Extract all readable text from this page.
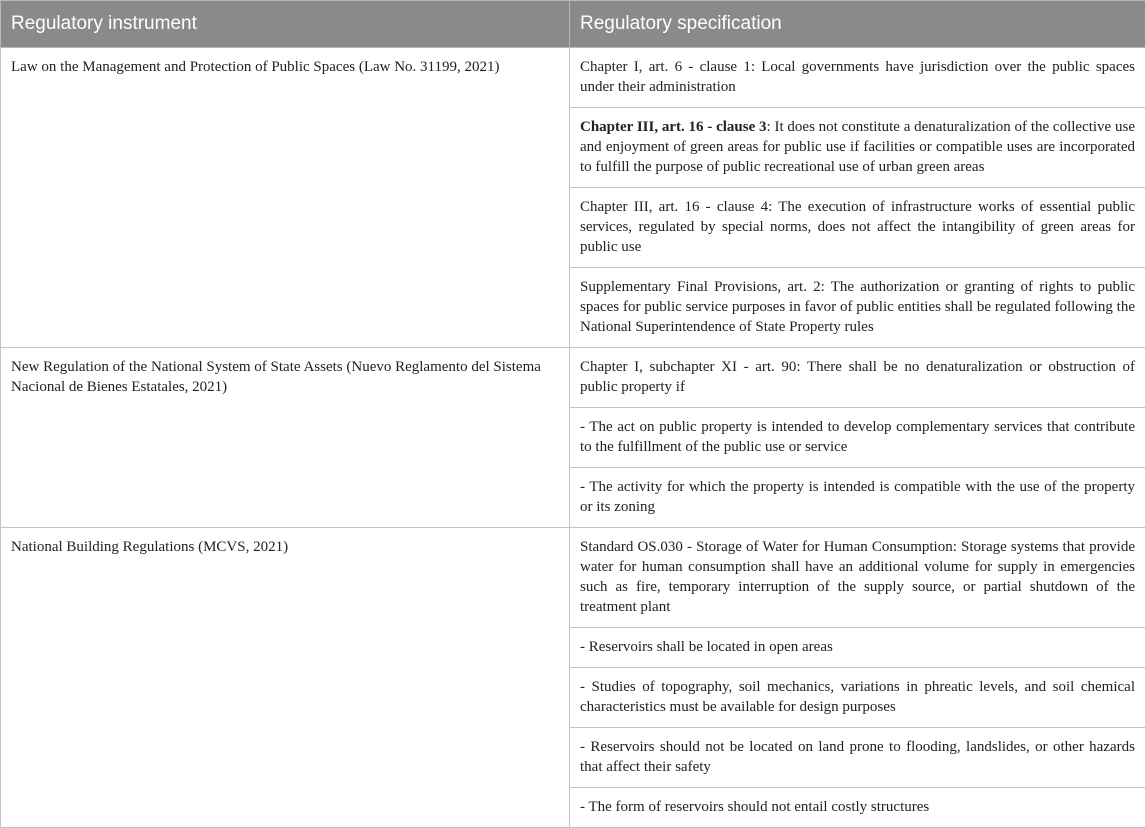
Regulatory instrument	Regulatory specification
Law on the Management and Protection of Public Spaces (Law No. 31199, 2021)	Chapter I, art. 6 - clause 1: Local governments have jurisdiction over the public spaces under their administration
	Chapter III, art. 16 - clause 3: It does not constitute a denaturalization of the collective use and enjoyment of green areas for public use if facilities or compatible uses are incorporated to fulfill the purpose of public recreational use of urban green areas
	Chapter III, art. 16 - clause 4: The execution of infrastructure works of essential public services, regulated by special norms, does not affect the intangibility of green areas for public use
	Supplementary Final Provisions, art. 2: The authorization or granting of rights to public spaces for public service purposes in favor of public entities shall be regulated following the National Superintendence of State Property rules
New Regulation of the National System of State Assets (Nuevo Reglamento del Sistema Nacional de Bienes Estatales, 2021)	Chapter I, subchapter XI - art. 90: There shall be no denaturalization or obstruction of public property if
	- The act on public property is intended to develop complementary services that contribute to the fulfillment of the public use or service
	- The activity for which the property is intended is compatible with the use of the property or its zoning
National Building Regulations (MCVS, 2021)	Standard OS.030 - Storage of Water for Human Consumption: Storage systems that provide water for human consumption shall have an additional volume for supply in emergencies such as fire, temporary interruption of the supply source, or partial shutdown of the treatment plant
	- Reservoirs shall be located in open areas
	- Studies of topography, soil mechanics, variations in phreatic levels, and soil chemical characteristics must be available for design purposes
	- Reservoirs should not be located on land prone to flooding, landslides, or other hazards that affect their safety
	- The form of reservoirs should not entail costly structures
